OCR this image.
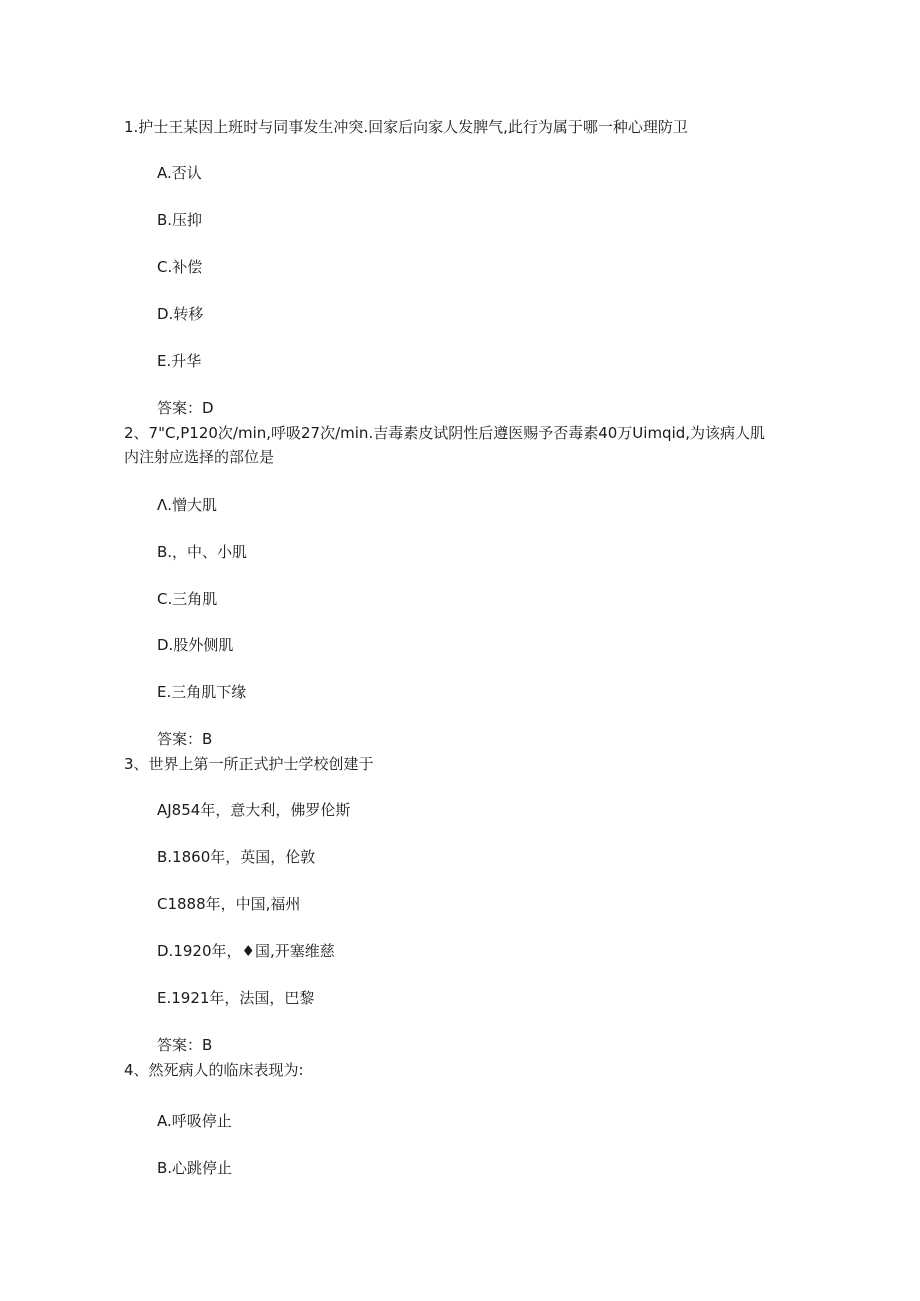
1.护士王某因上班时与同事发生冲突.回家后向家人发脾气,此行为属于哪一种心理防卫
A.否认
B.压抑
C.补偿
D.转移
E.升华
答案：D
2、7"C,P120次/min,呼吸27次/min.吉毒素皮试阴性后遵医赐予否毒素40万Uimqid,为该病人肌
内注射应选择的部位是
Λ.憎大肌
B.，中、小肌
C.三角肌
D.股外侧肌
E.三角肌下缘
答案：B
3、世界上第一所正式护士学校创建于
AJ854年，意大利，佛罗伦斯
B.1860年，英国，伦敦
C1888年，中国,福州
D.1920年，♦国,开塞维慈
E.1921年，法国，巴黎
答案：B
4、然死病人的临床表现为:
A.呼吸停止
B.心跳停止
